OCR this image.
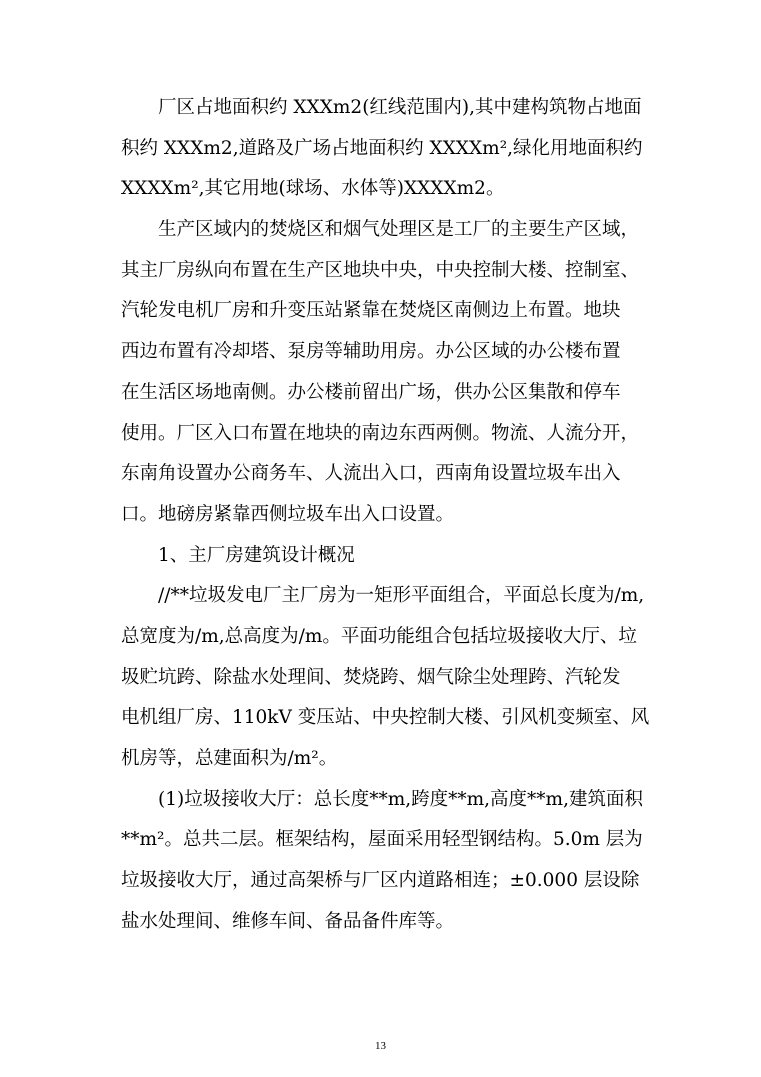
厂区占地面积约 XXXm2(红线范围内),其中建构筑物占地面
积约 XXXm2,道路及广场占地面积约 XXXXm²,绿化用地面积约
XXXXm²,其它用地(球场、水体等)XXXXm2。
生产区域内的焚烧区和烟气处理区是工厂的主要生产区域，
其主厂房纵向布置在生产区地块中央，中央控制大楼、控制室、
汽轮发电机厂房和升变压站紧靠在焚烧区南侧边上布置。地块
西边布置有冷却塔、泵房等辅助用房。办公区域的办公楼布置
在生活区场地南侧。办公楼前留出广场，供办公区集散和停车
使用。厂区入口布置在地块的南边东西两侧。物流、人流分开，
东南角设置办公商务车、人流出入口，西南角设置垃圾车出入
口。地磅房紧靠西侧垃圾车出入口设置。
1、主厂房建筑设计概况
//**垃圾发电厂主厂房为一矩形平面组合，平面总长度为/m,
总宽度为/m,总高度为/m。平面功能组合包括垃圾接收大厅、垃
圾贮坑跨、除盐水处理间、焚烧跨、烟气除尘处理跨、汽轮发
电机组厂房、110kV 变压站、中央控制大楼、引风机变频室、风
机房等，总建面积为/m²。
(1)垃圾接收大厅：总长度**m,跨度**m,高度**m,建筑面积
**m²。总共二层。框架结构，屋面采用轻型钢结构。5.0m 层为
垃圾接收大厅，通过高架桥与厂区内道路相连；±0.000 层设除
盐水处理间、维修车间、备品备件库等。
13
